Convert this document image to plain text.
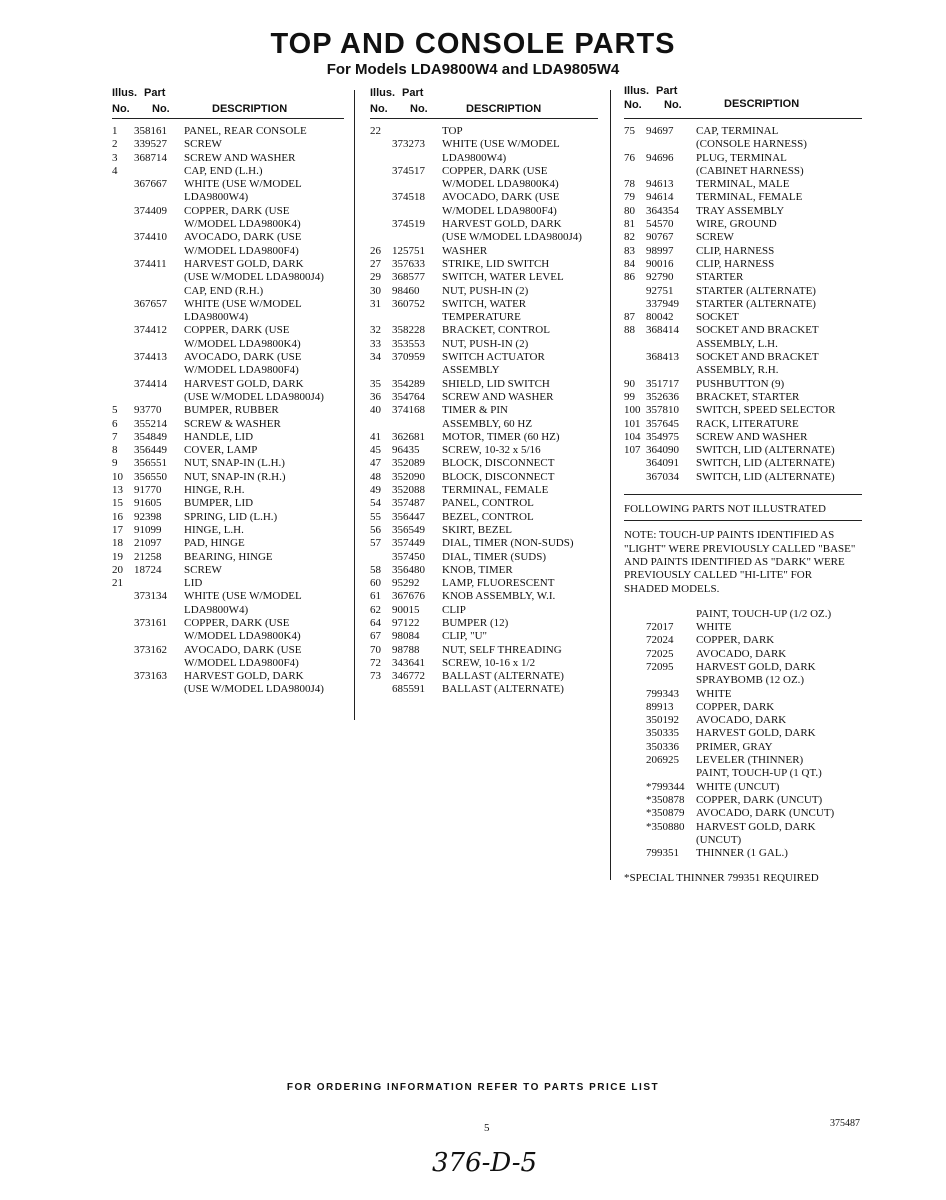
TOP AND CONSOLE PARTS
For Models LDA9800W4 and LDA9805W4
Illus. Part
No. No.	DESCRIPTION
1	358161	PANEL, REAR CONSOLE
2	339527	SCREW
3	368714	SCREW AND WASHER
4	CAP, END (L.H.)
367667	WHITE (USE W/MODEL
LDA9800W4)
374409	COPPER, DARK (USE
W/MODEL LDA9800K4)
374410	AVOCADO, DARK (USE
W/MODEL LDA9800F4)
374411	HARVEST GOLD, DARK
(USE W/MODEL LDA9800J4)
CAP, END (R.H.)
367657	WHITE (USE W/MODEL
LDA9800W4)
374412	COPPER, DARK (USE
W/MODEL LDA9800K4)
374413	AVOCADO, DARK (USE
W/MODEL LDA9800F4)
374414	HARVEST GOLD, DARK
(USE W/MODEL LDA9800J4)
5	93770	BUMPER, RUBBER
6	355214	SCREW & WASHER
7	354849	HANDLE, LID
8	356449	COVER, LAMP
9	356551	NUT, SNAP-IN (L.H.)
10	356550	NUT, SNAP-IN (R.H.)
13	91770	HINGE, R.H.
15	91605	BUMPER, LID
16	92398	SPRING, LID (L.H.)
17	91099	HINGE, L.H.
18	21097	PAD, HINGE
19	21258	BEARING, HINGE
20	18724	SCREW
21	LID
373134	WHITE (USE W/MODEL
LDA9800W4)
373161	COPPER, DARK (USE
W/MODEL LDA9800K4)
373162	AVOCADO, DARK (USE
W/MODEL LDA9800F4)
373163	HARVEST GOLD, DARK
(USE W/MODEL LDA9800J4)
Illus. Part
No. No.	DESCRIPTION
22	TOP
373273	WHITE (USE W/MODEL
LDA9800W4)
374517	COPPER, DARK (USE
W/MODEL LDA9800K4)
374518	AVOCADO, DARK (USE
W/MODEL LDA9800F4)
374519	HARVEST GOLD, DARK
(USE W/MODEL LDA9800J4)
26	125751	WASHER
27	357633	STRIKE, LID SWITCH
29	368577	SWITCH, WATER LEVEL
30	98460	NUT, PUSH-IN (2)
31	360752	SWITCH, WATER
TEMPERATURE
32	358228	BRACKET, CONTROL
33	353553	NUT, PUSH-IN (2)
34	370959	SWITCH ACTUATOR
ASSEMBLY
35	354289	SHIELD, LID SWITCH
36	354764	SCREW AND WASHER
40	374168	TIMER & PIN
ASSEMBLY, 60 HZ
41	362681	MOTOR, TIMER (60 HZ)
45	96435	SCREW, 10-32 x 5/16
47	352089	BLOCK, DISCONNECT
48	352090	BLOCK, DISCONNECT
49	352088	TERMINAL, FEMALE
54	357487	PANEL, CONTROL
55	356447	BEZEL, CONTROL
56	356549	SKIRT, BEZEL
57	357449	DIAL, TIMER (NON-SUDS)
357450	DIAL, TIMER (SUDS)
58	356480	KNOB, TIMER
60	95292	LAMP, FLUORESCENT
61	367676	KNOB ASSEMBLY, W.I.
62	90015	CLIP
64	97122	BUMPER (12)
67	98084	CLIP, "U"
70	98788	NUT, SELF THREADING
72	343641	SCREW, 10-16 x 1/2
73	346772	BALLAST (ALTERNATE)
685591	BALLAST (ALTERNATE)
Illus. Part
No. No.	DESCRIPTION
75	94697	CAP, TERMINAL
(CONSOLE HARNESS)
76	94696	PLUG, TERMINAL
(CABINET HARNESS)
78	94613	TERMINAL, MALE
79	94614	TERMINAL, FEMALE
80	364354	TRAY ASSEMBLY
81	54570	WIRE, GROUND
82	90767	SCREW
83	98997	CLIP, HARNESS
84	90016	CLIP, HARNESS
86	92790	STARTER
92751	STARTER (ALTERNATE)
337949	STARTER (ALTERNATE)
87	80042	SOCKET
88	368414	SOCKET AND BRACKET
ASSEMBLY, L.H.
368413	SOCKET AND BRACKET
ASSEMBLY, R.H.
90	351717	PUSHBUTTON (9)
99	352636	BRACKET, STARTER
100 357810	SWITCH, SPEED SELECTOR
101 357645	RACK, LITERATURE
104 354975	SCREW AND WASHER
107 364090	SWITCH, LID (ALTERNATE)
364091	SWITCH, LID (ALTERNATE)
367034	SWITCH, LID (ALTERNATE)
FOLLOWING PARTS NOT ILLUSTRATED
NOTE: TOUCH-UP PAINTS IDENTIFIED AS
"LIGHT" WERE PREVIOUSLY CALLED "BASE"
AND PAINTS IDENTIFIED AS "DARK" WERE
PREVIOUSLY CALLED "HI-LITE" FOR
SHADED MODELS.
PAINT, TOUCH-UP (1/2 OZ.)
72017	WHITE
72024	COPPER, DARK
72025	AVOCADO, DARK
72095	HARVEST GOLD, DARK
SPRAYBOMB (12 OZ.)
799343	WHITE
89913	COPPER, DARK
350192	AVOCADO, DARK
350335	HARVEST GOLD, DARK
350336	PRIMER, GRAY
206925	LEVELER (THINNER)
PAINT, TOUCH-UP (1 QT.)
*799344	WHITE (UNCUT)
*350878	COPPER, DARK (UNCUT)
*350879	AVOCADO, DARK (UNCUT)
*350880	HARVEST GOLD, DARK
(UNCUT)
799351	THINNER (1 GAL.)
*SPECIAL THINNER 799351 REQUIRED
FOR ORDERING INFORMATION REFER TO PARTS PRICE LIST
5	375487
376-D-5
